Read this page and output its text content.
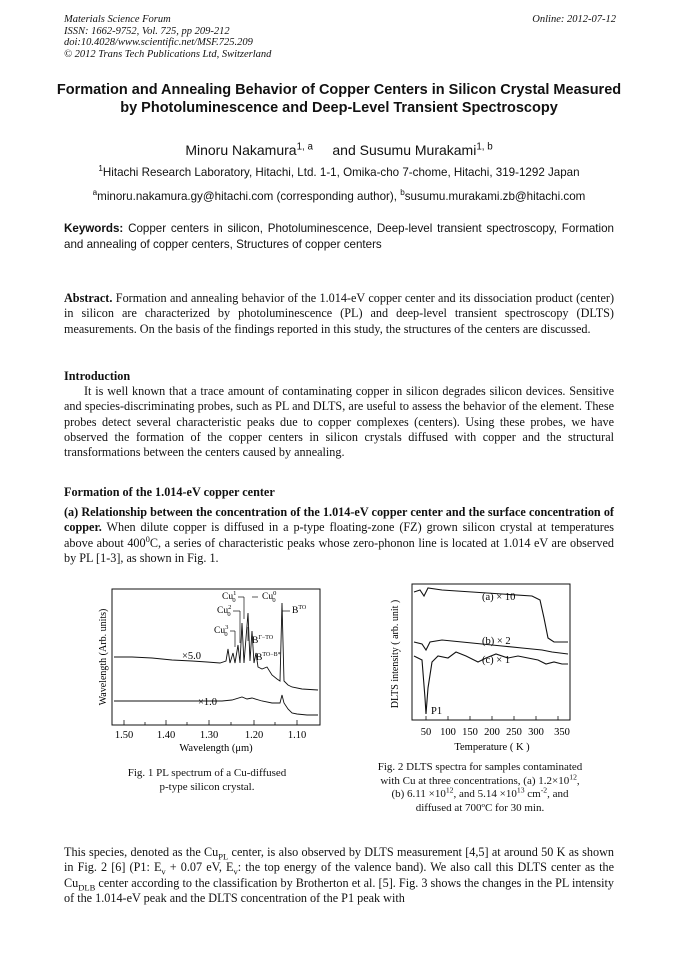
Materials Science Forum
ISSN: 1662-9752, Vol. 725, pp 209-212
doi:10.4028/www.scientific.net/MSF.725.209
© 2012 Trans Tech Publications Ltd, Switzerland
Online: 2012-07-12
Formation and Annealing Behavior of Copper Centers in Silicon Crystal Measured by Photoluminescence and Deep-Level Transient Spectroscopy
Minoru Nakamura$^{1, a}$ and Susumu Murakami$^{1, b}$
$^1$Hitachi Research Laboratory, Hitachi, Ltd. 1-1, Omika-cho 7-chome, Hitachi, 319-1292 Japan
$^a$minoru.nakamura.gy@hitachi.com (corresponding author), $^b$susumu.murakami.zb@hitachi.com
Keywords: Copper centers in silicon, Photoluminescence, Deep-level transient spectroscopy, Formation and annealing of copper centers, Structures of copper centers
Abstract. Formation and annealing behavior of the 1.014-eV copper center and its dissociation product (center) in silicon are characterized by photoluminescence (PL) and deep-level transient spectroscopy (DLTS) measurements. On the basis of the findings reported in this study, the structures of the centers are discussed.
Introduction
It is well known that a trace amount of contaminating copper in silicon degrades silicon devices. Sensitive and species-discriminating probes, such as PL and DLTS, are useful to assess the behavior of the element. These probes detect several characteristic peaks due to copper complexes (centers). Using these probes, we have observed the formation of the copper centers in silicon crystals diffused with copper and the structural transformations between the centers caused by annealing.
Formation of the 1.014-eV copper center
(a) Relationship between the concentration of the 1.014-eV copper center and the surface concentration of copper. When dilute copper is diffused in a p-type floating-zone (FZ) grown silicon crystal at temperatures above about $400^0C$, a series of characteristic peaks whose zero-phonon line is located at 1.014 eV are observed by PL [1-3], as shown in Fig. 1.
1.50 1.40 1.30	1.20 1.10
Wavelength (μm)
Wavelength (Arb. units)
Cu$^1$ 0
Cu$^2$ 0
Cu$^3$ 0
Cu$^0$ 0
$B^{TO}$
$B^{\Gamma-TO}$
$B^{TO-B*}$
×5.0
×1.0
Fig. 1 PL spectrum of a Cu-diffused
p-type silicon crystal.
50 100 150 200 250 300 350
Temperature ( K )
DLTS intensity ( arb. unit )
(a) × 10
(b) × 2
(c) × 1
P1
Fig. 2 DLTS spectra for samples contaminated
with Cu at three concentrations, (a) $1.2\times 10^{12}$,
(b) $6.11 \times 10^{12}$, and $5.14 \times 10^{13}$ $cm^{-2}$, and
diffused at 700ºC for 30 min.
This species, denoted as the $Cu_{PL}$ center, is also observed by DLTS measurement [4,5] at around 50 K as shown in Fig. 2 [6] (P1: $E_v + 0.07$ eV, $E_v$: the top energy of the valence band). We also call this DLTS center as the $Cu_{DLB}$ center according to the classification by Brotherton et al. [5]. Fig. 3 shows the changes in the PL intensity of the 1.014-eV peak and the DLTS concentration of the P1 peak with
